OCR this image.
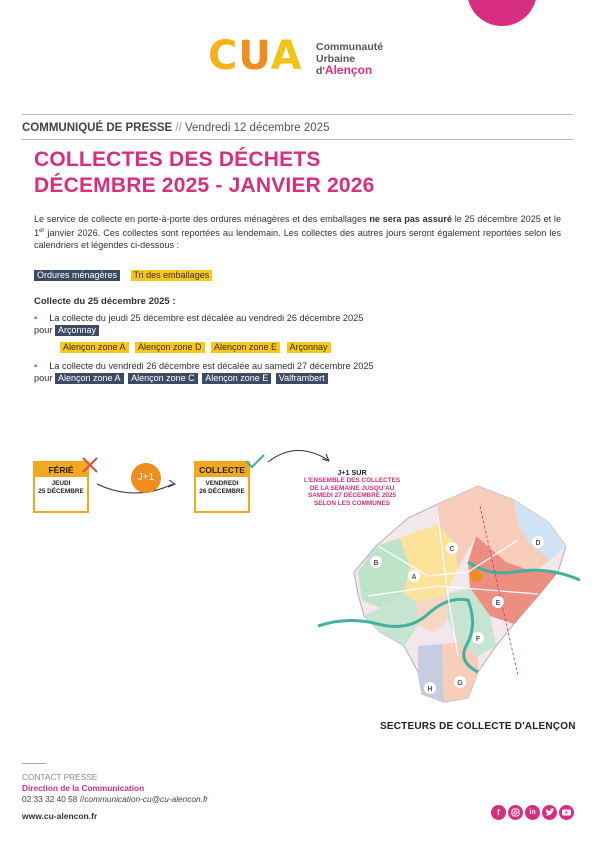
CUA Communauté
Urbaine
d'Alençon
COMMUNIQUÉ DE PRESSE // Vendredi 12 décembre 2025
COLLECTES DES DÉCHETS
DÉCEMBRE 2025 - JANVIER 2026
Le service de collecte en porte-à-porte des ordures ménagères et des emballages ne sera pas assuré le 25 décembre 2025 et le 1er janvier 2026. Ces collectes sont reportées au lendemain. Les collectes des autres jours seront également reportées selon les calendriers et légendes ci-dessous :
Ordures ménagères Tri des emballages
Collecte du 25 décembre 2025 :
• La collecte du jeudi 25 décembre est décalée au vendredi 26 décembre 2025
pour Arçonnay
Alençon zone A Alençon zone D Alençon zone E Arçonnay
• La collecte du vendredi 26 décembre est décalée au samedi 27 décembre 2025
pour Alençon zone A Alençon zone C Alençon zone E Valframbert
FÉRIÉ
JEUDI
25 DÉCEMBRE
J+1
COLLECTE
VENDREDI
26 DÉCEMBRE
J+1 SUR
L'ENSEMBLE DES COLLECTES DE LA SEMAINE JUSQU'AU SAMEDI 27 DÉCEMBRE 2025 SELON LES COMMUNES
A
B
C
D
E
F
G
H
SECTEURS DE COLLECTE D'ALENÇON
CONTACT PRESSE
Direction de la Communication
02 33 32 40 58 //communication-cu@cu-alencon.fr
www.cu-alencon.fr	f	in
